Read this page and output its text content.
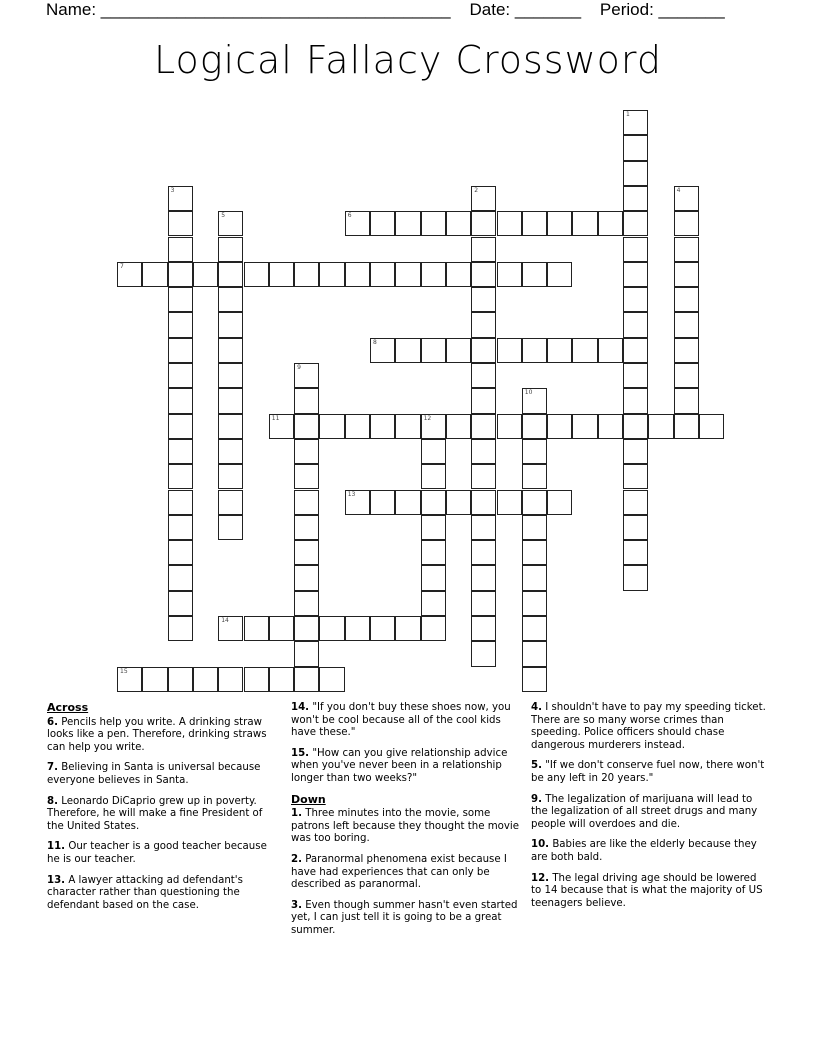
Name: _____________________________________    Date: _______    Period: _______
Logical Fallacy Crossword
1
2
3	4
5	6
7
8
9
10
11	12
13
14
15
Across
6. Pencils help you write. A drinking straw looks like a pen. Therefore, drinking straws can help you write.
7. Believing in Santa is universal because everyone believes in Santa.
8. Leonardo DiCaprio grew up in poverty. Therefore, he will make a fine President of the United States.
11. Our teacher is a good teacher because he is our teacher.
13. A lawyer attacking ad defendant's character rather than questioning the defendant based on the case.
14. "If you don't buy these shoes now, you won't be cool because all of the cool kids have these."
15. "How can you give relationship advice when you've never been in a relationship longer than two weeks?"
Down
1. Three minutes into the movie, some patrons left because they thought the movie was too boring.
2. Paranormal phenomena exist because I have had experiences that can only be described as paranormal.
3. Even though summer hasn't even started yet, I can just tell it is going to be a great summer.
4. I shouldn't have to pay my speeding ticket. There are so many worse crimes than speeding. Police officers should chase dangerous murderers instead.
5. "If we don't conserve fuel now, there won't be any left in 20 years."
9. The legalization of marijuana will lead to the legalization of all street drugs and many people will overdoes and die.
10. Babies are like the elderly because they are both bald.
12. The legal driving age should be lowered to 14 because that is what the majority of US teenagers believe.
